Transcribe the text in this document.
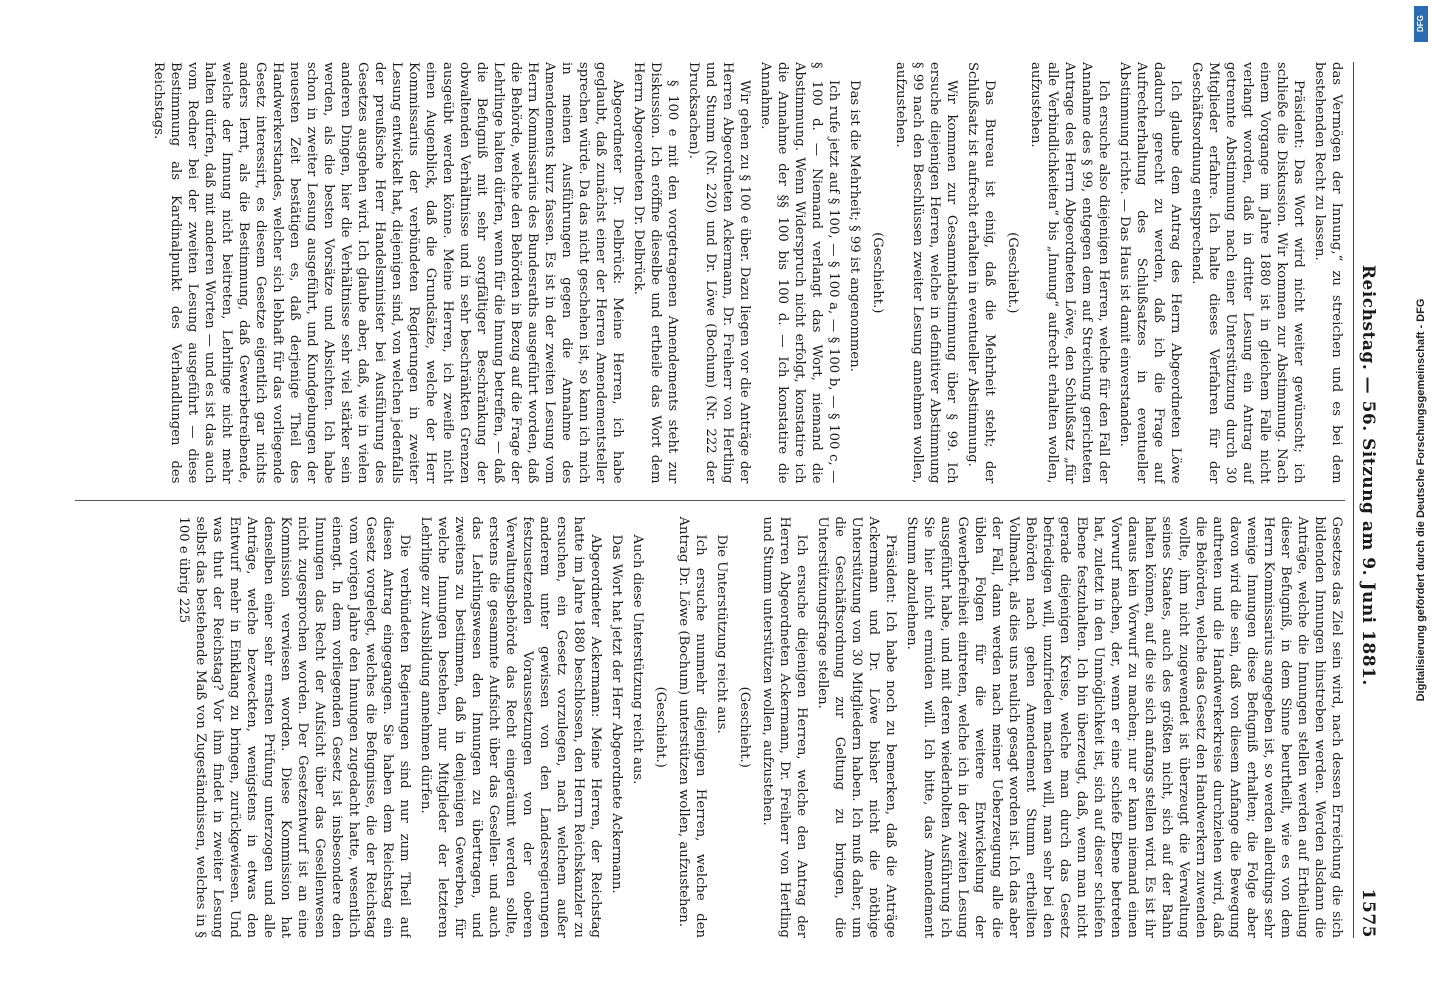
Reichstag. — 56. Sitzung am 9. Juni 1881.
1575

das Vermögen der Innung,“ zu streichen und es bei dem bestehenden Recht zu lassen.

Präsident: Das Wort wird nicht weiter gewünscht; ich schließe die Diskussion. Wir kommen zur Abstimmung. Nach einem Vorgange im Jahre 1880 ist in gleichem Falle nicht verlangt worden, daß in dritter Lesung ein Antrag auf getrennte Abstimmung nach einer Unterstützung durch 30 Mitglieder erfahre. Ich halte dieses Verfahren für der Geschäftsordnung entsprechend.

Ich glaube dem Antrag des Herrn Abgeordneten Löwe dadurch gerecht zu werden, daß ich die Frage auf Aufrechterhaltung des Schlußsatzes in eventueller Abstimmung richte. — Das Haus ist damit einverstanden.

Ich ersuche also diejenigen Herren, welche für den Fall der Annahme des § 99, entgegen dem auf Streichung gerichteten Antrage des Herrn Abgeordneten Löwe, den Schlußsatz „für alle Verbindlichkeiten“ bis „Innung“ aufrecht erhalten wollen, aufzustehen.

(Geschieht.)

Das Bureau ist einig, daß die Mehrheit steht; der Schlußsatz ist aufrecht erhalten in eventueller Abstimmung.

Wir kommen zur Gesammtabstimmung über § 99. Ich ersuche diejenigen Herren, welche in definitiver Abstimmung § 99 nach den Beschlüssen zweiter Lesung annehmen wollen, aufzustehen.

(Geschieht.)

Das ist die Mehrheit; § 99 ist angenommen.

Ich rufe jetzt auf § 100, — § 100 a, — § 100 b, — § 100 c, — § 100 d. — Niemand verlangt das Wort, niemand die Abstimmung. Wenn Widerspruch nicht erfolgt, konstatire ich die Annahme der §§ 100 bis 100 d. — Ich konstatire die Annahme.

Wir gehen zu § 100 e über. Dazu liegen vor die Anträge der Herren Abgeordneten Ackermann, Dr. Freiherr von Hertling und Stumm (Nr. 220) und Dr. Löwe (Bochum) (Nr. 222 der Drucksachen).

§ 100 e mit den vorgetragenen Amendements steht zur Diskussion. Ich eröffne dieselbe und ertheile das Wort dem Herrn Abgeordneten Dr. Delbrück.

Abgeordneter Dr. Delbrück: Meine Herren, ich habe geglaubt, daß zunächst einer der Herren Amendementsteller sprechen würde. Da das nicht geschehen ist, so kann ich mich in meinen Ausführungen gegen die Annahme des Amendements kurz fassen. Es ist in der zweiten Lesung vom Herrn Kommissarius des Bundesraths ausgeführt worden, daß die Behörde, welche den Behörden in Bezug auf die Frage der Lehrlinge halten dürfen, wenn für die Innung betreffen, — daß die Befugniß mit sehr sorgfältiger Beschränkung der obwaltenden Verhältnisse und in sehr beschränkten Grenzen ausgeübt werden könne. Meine Herren, ich zweifle nicht einen Augenblick, daß die Grundsätze, welche der Herr Kommissarius der verbündeten Regierungen in zweiter Lesung entwickelt hat, diejenigen sind, von welchen jedenfalls der preußische Herr Handelsminister bei Ausführung des Gesetzes ausgehen wird. Ich glaube aber, daß, wie in vielen anderen Dingen, hier die Verhältnisse sehr viel stärker sein werden, als die besten Vorsätze und Absichten. Ich habe schon in zweiter Lesung ausgeführt, und Kundgebungen der neuesten Zeit bestätigen es, daß derjenige Theil des Handwerkerstandes, welcher sich lebhaft für das vorliegende Gesetz interessirt, es diesem Gesetze eigentlich gar nichts anders lernt, als die Bestimmung, daß Gewerbetreibende, welche der Innung nicht beitreten, Lehrlinge nicht mehr halten dürfen, daß mit anderen Worten — und es ist das auch vom Redner bei der zweiten Lesung ausgeführt — diese Bestimmung als Kardinalpunkt des Verhandlungen des Reichstags.

Gesetzes das Ziel sein wird, nach dessen Erreichung die sich bildenden Innungen hinstreben werden. Werden alsdann die Anträge, welche die Innungen stellen werden auf Ertheilung dieser Befugniß, in dem Sinne beurtheilt, wie es von dem Herrn Kommissarius angegeben ist, so werden allerdings sehr wenige Innungen diese Befugniß erhalten; die Folge aber davon wird die sein, daß von diesem Anfange die Bewegung auftreten und die Handwerkerkreise durchziehen wird, daß die Behörden, welche das Gesetz den Handwerkern zuwenden wollte, ihm nicht zugewendet ist überzeugt die Verwaltung seines Staates, auch des größten nicht, sich auf der Bahn halten können, auf die sie sich anfangs stellen wird. Es ist ihr daraus kein Vorwurf zu machen; nur er kann niemand einen Vorwurf machen, der, wenn er eine schiefe Ebene betreten hat, zuletzt in den Unmöglichkeit ist, sich auf dieser schiefen Ebene festzuhalten. Ich bin überzeugt, daß, wenn man nicht gerade diejenigen Kreise, welche man durch das Gesetz befriedigen will, unzufrieden machen will, man sehr bei den Behörden nach gehen Amendement Stumm ertheilten Vollmacht, als dies uns neulich gesagt worden ist. Ich das aber der Fall, dann werden nach meiner Ueberzeugung alle die üblen Folgen für die weitere Entwickelung der Gewerbefreiheit eintreten, welche ich in der zweiten Lesung ausgeführt habe, und mit deren wiederholten Ausführung ich Sie hier nicht ermüden will. Ich bitte, das Amendement Stumm abzulehnen.

Präsident: Ich habe noch zu bemerken, daß die Anträge Ackermann und Dr. Löwe bisher nicht die nöthige Unterstützung von 30 Mitgliedern haben. Ich muß daher, um die Geschäftsordnung zur Geltung zu bringen, die Unterstützungsfrage stellen.

Ich ersuche diejenigen Herren, welche den Antrag der Herren Abgeordneten Ackermann, Dr. Freiherr von Hertling und Stumm unterstützen wollen, aufzustehen.

(Geschieht.)

Die Unterstützung reicht aus.

Ich ersuche nunmehr diejenigen Herren, welche den Antrag Dr. Löwe (Bochum) unterstützen wollen, aufzustehen.

(Geschieht.)

Auch diese Unterstützung reicht aus.

Das Wort hat jetzt der Herr Abgeordnete Ackermann.

Abgeordneter Ackermann: Meine Herren, der Reichstag hatte im Jahre 1880 beschlossen, den Herrn Reichskanzler zu ersuchen, ein Gesetz vorzulegen, nach welchem außer anderem unter gewissen von den Landesregierungen festzusetzenden Voraussetzungen von der oberen Verwaltungsbehörde das Recht eingeräumt werden sollte, erstens die gesammte Aufsicht über das Gesellen- und auch das Lehrlingswesen den Innungen zu übertragen, und zweitens zu bestimmen, daß in denjenigen Gewerben, für welche Innungen bestehen, nur Mitglieder der letzteren Lehrlinge zur Ausbildung annehmen dürfen.

Die verbündeten Regierungen sind nur zum Theil auf diesen Antrag eingegangen. Sie haben dem Reichstag ein Gesetz vorgelegt, welches die Befugnisse, die der Reichstag vom vorigen Jahre den Innungen zugedacht hatte, wesentlich einengt. In dem vorliegenden Gesetz ist insbesondere den Innungen das Recht der Aufsicht über das Gesellenwesen nicht zugesprochen worden. Der Gesetzentwurf ist an eine Kommission verwiesen worden. Diese Kommission hat denselben einer sehr ernsten Prüfung unterzogen und alle Anträge, welche bezweckten, wenigstens in etwas den Entwurf mehr in Einklang zu bringen, zurückgewiesen. Und was thut der Reichstag? Vor ihm findet in zweiter Lesung selbst das bestehende Maß von Zugeständnissen, welches in § 100 e übrig 225

DFG
Digitalisierung gefördert durch die Deutsche Forschungsgemeinschaft - DFG
